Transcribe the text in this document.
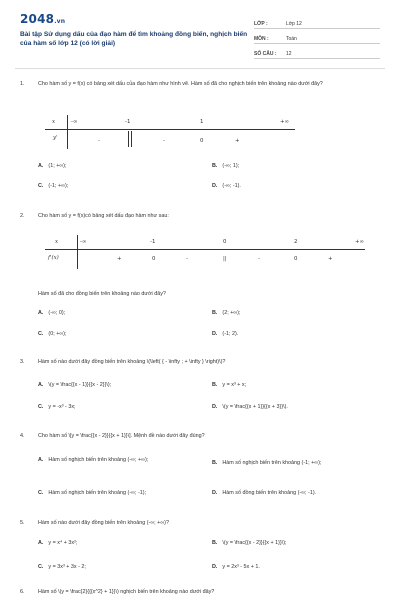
2048.vn
Bài tập Sử dụng dấu của đạo hàm để tìm khoảng đồng biến, nghịch biến của hàm số lớp 12 (có lời giải)
LỚP :	Lớp 12
MÔN :	Toán
SỐ CÂU :	12
1.	Cho hàm số y = f(x) có bảng xét dấu của đạo hàm như hình vẽ. Hàm số đã cho nghịch biến trên khoảng nào dưới đây?
x
y'
-∞	-1	1	+∞
-	-	0	+
A. (1; +∞);	B. (-∞; 1);
C. (-1; +∞);	D. (-∞; -1).
2.	Cho hàm số y = f(x)có bảng xét dấu đạo hàm như sau:
x
f'(x)
-∞	-1	0	2	+∞
+	0	-	||	-	0	+
Hàm số đã cho đồng biến trên khoảng nào dưới đây?
A. (-∞; 0);	B. (2; +∞);
C. (0; +∞);	D. (-1; 2).
3.	Hàm số nào dưới đây đồng biến trên khoảng \(\left( { - \infty ; + \infty } \right)\)?
A. \(y = \frac{{x - 1}}{{x - 2}}\);	B. y = x³ + x;
C. y = -x³ - 3x;	D. \(y = \frac{{x + 1}}{{x + 3}}\).
4.	Cho hàm số \[y = \frac{{x - 2}}{{x + 1}}\]. Mệnh đề nào dưới đây đúng?
A. Hàm số nghịch biến trên khoảng (-∞; +∞);	B. Hàm số nghịch biến trên khoảng (-1; +∞);
C. Hàm số nghịch biến trên khoảng (-∞; -1);	D. Hàm số đồng biến trên khoảng (-∞; -1).
5.	Hàm số nào dưới đây đồng biến trên khoảng (-∞; +∞)?
A. y = x⁴ + 3x²;	B. \(y = \frac{{x - 2}}{{x + 1}}\);
C. y = 3x³ + 3x - 2;	D. y = 2x³ - 5x + 1.
6.	Hàm số \(y = \frac{2}{{{x^2} + 1}}\) nghịch biến trên khoảng nào dưới đây?
